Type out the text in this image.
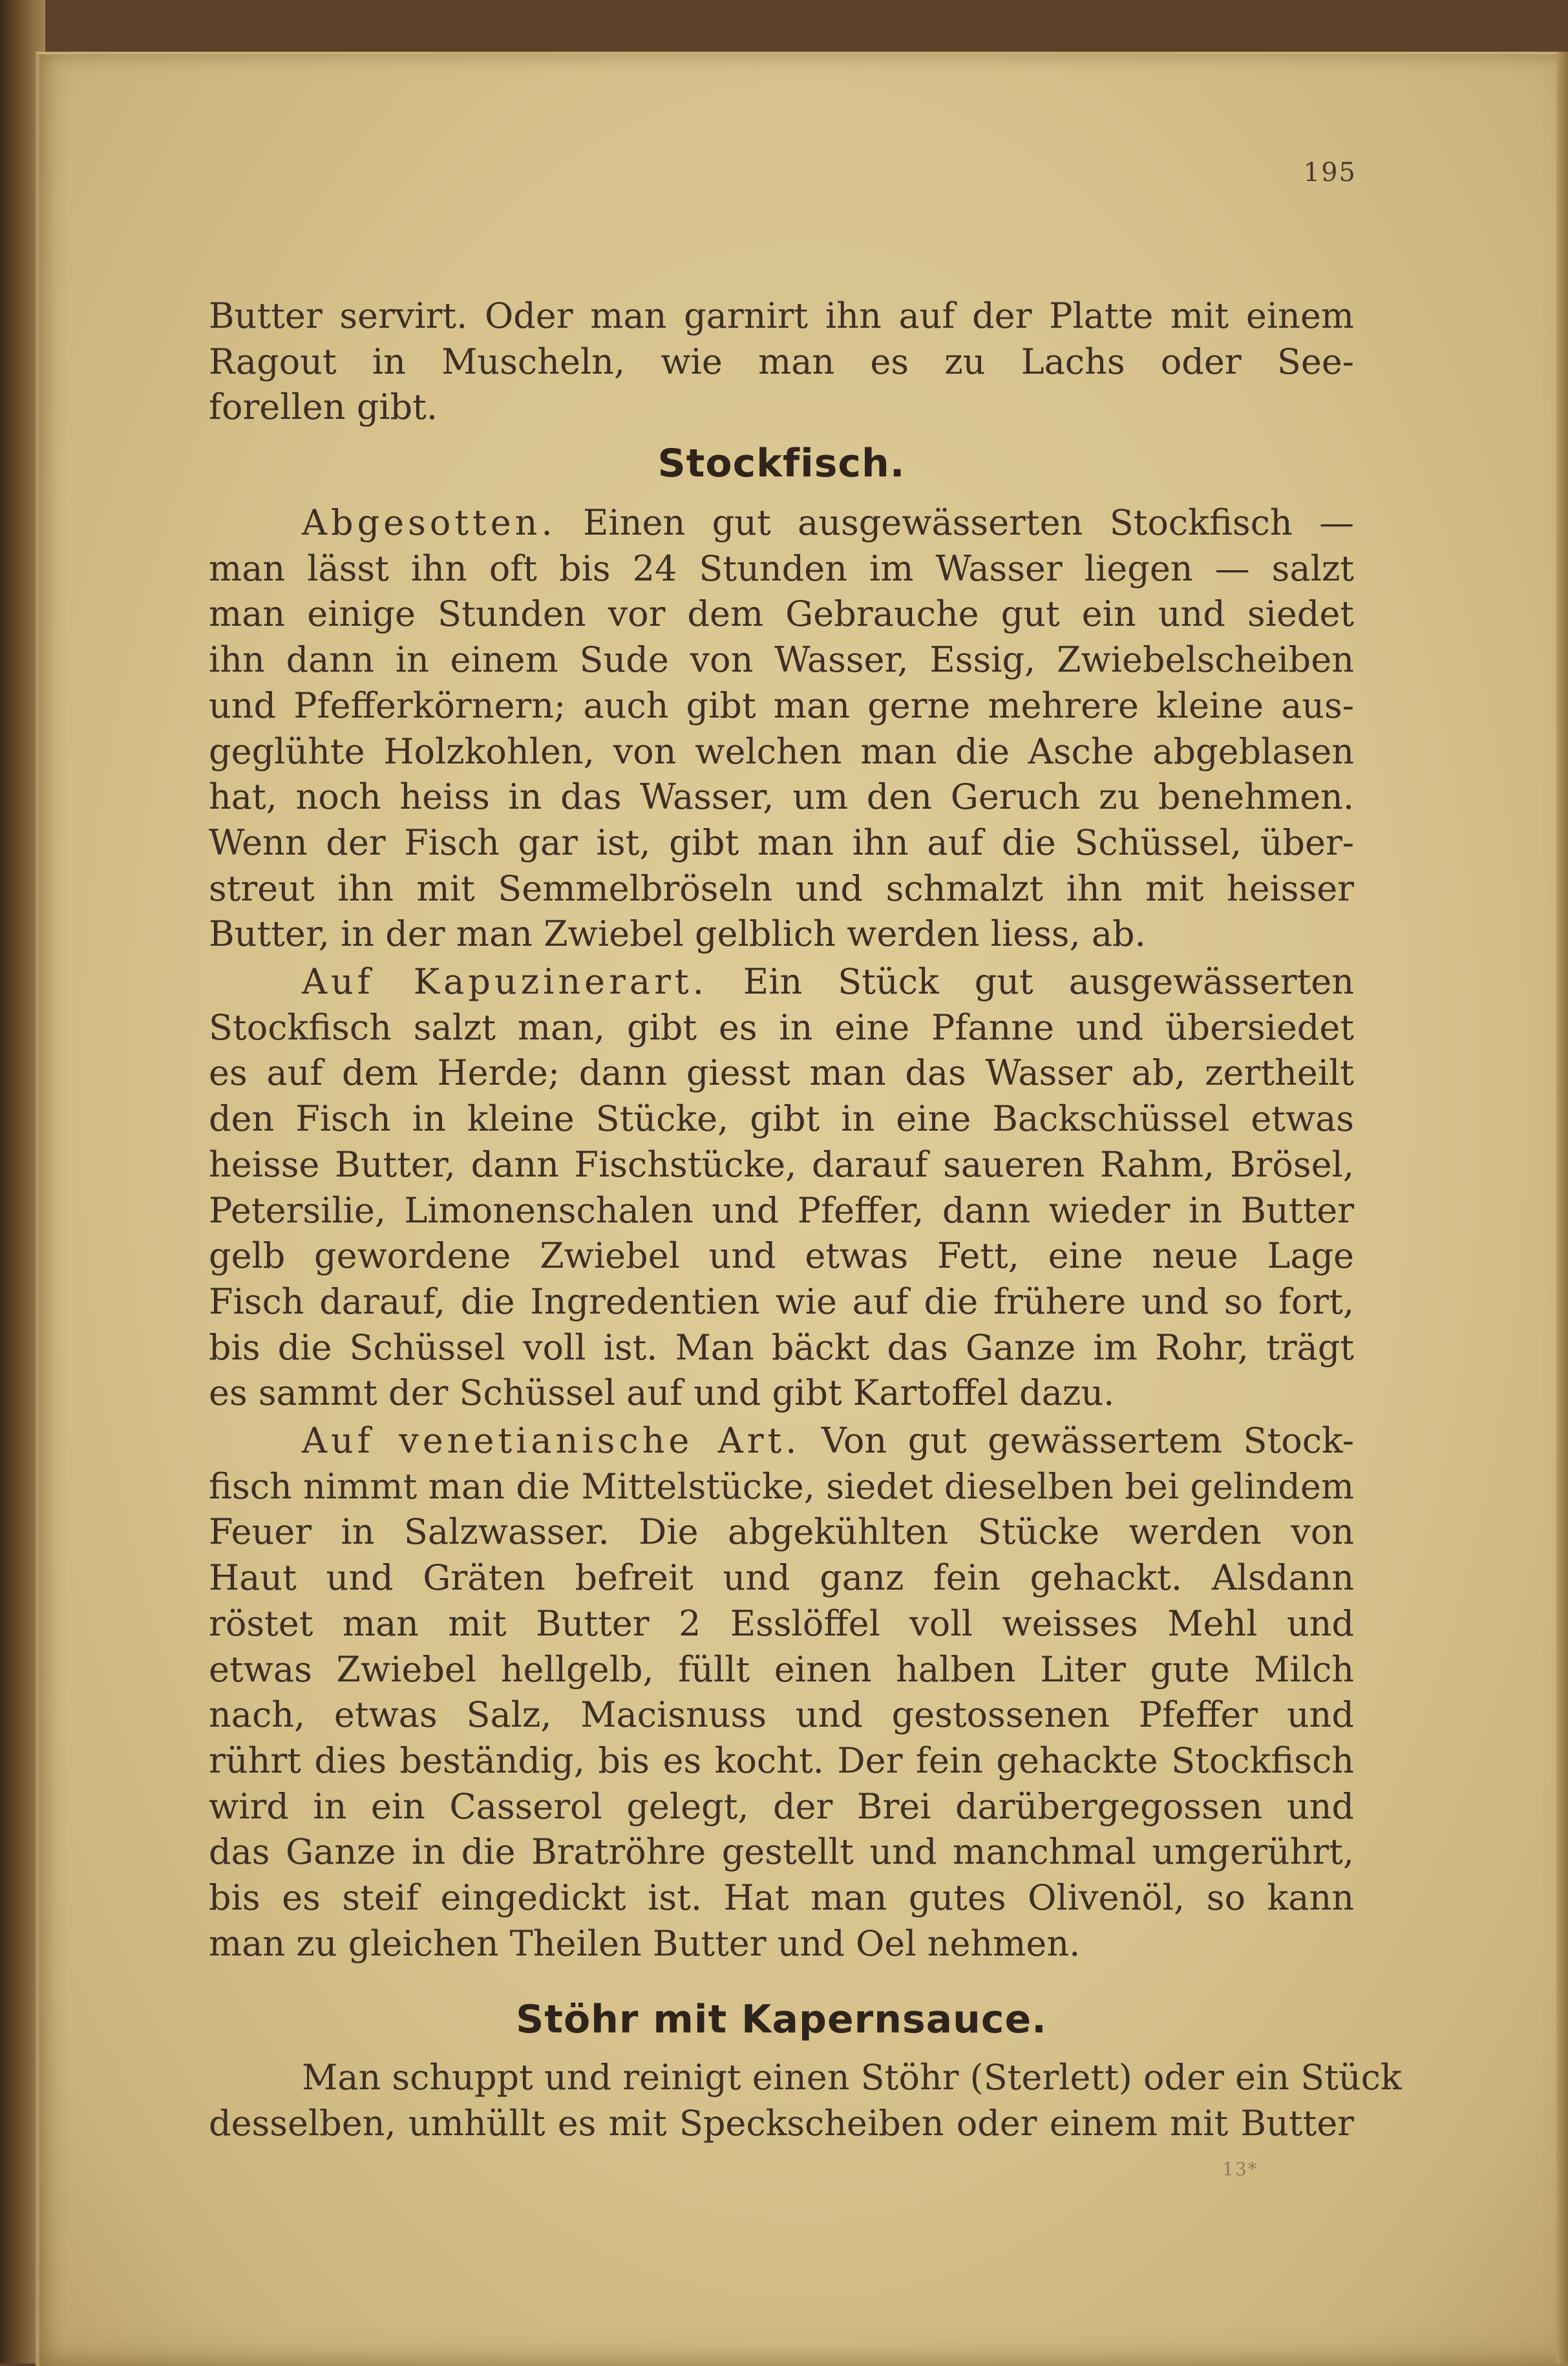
195
Butter servirt. Oder man garnirt ihn auf der Platte mit einem
Ragout in Muscheln, wie man es zu Lachs oder See-
forellen gibt.
Stockfisch.
Abgesotten. Einen gut ausgewässerten Stockfisch —
man lässt ihn oft bis 24 Stunden im Wasser liegen — salzt
man einige Stunden vor dem Gebrauche gut ein und siedet
ihn dann in einem Sude von Wasser, Essig, Zwiebelscheiben
und Pfefferkörnern; auch gibt man gerne mehrere kleine aus-
geglühte Holzkohlen, von welchen man die Asche abgeblasen
hat, noch heiss in das Wasser, um den Geruch zu benehmen.
Wenn der Fisch gar ist, gibt man ihn auf die Schüssel, über-
streut ihn mit Semmelbröseln und schmalzt ihn mit heisser
Butter, in der man Zwiebel gelblich werden liess, ab.
Auf Kapuzinerart. Ein Stück gut ausgewässerten
Stockfisch salzt man, gibt es in eine Pfanne und übersiedet
es auf dem Herde; dann giesst man das Wasser ab, zertheilt
den Fisch in kleine Stücke, gibt in eine Backschüssel etwas
heisse Butter, dann Fischstücke, darauf saueren Rahm, Brösel,
Petersilie, Limonenschalen und Pfeffer, dann wieder in Butter
gelb gewordene Zwiebel und etwas Fett, eine neue Lage
Fisch darauf, die Ingredentien wie auf die frühere und so fort,
bis die Schüssel voll ist. Man bäckt das Ganze im Rohr, trägt
es sammt der Schüssel auf und gibt Kartoffel dazu.
Auf venetianische Art. Von gut gewässertem Stock-
fisch nimmt man die Mittelstücke, siedet dieselben bei gelindem
Feuer in Salzwasser. Die abgekühlten Stücke werden von
Haut und Gräten befreit und ganz fein gehackt. Alsdann
röstet man mit Butter 2 Esslöffel voll weisses Mehl und
etwas Zwiebel hellgelb, füllt einen halben Liter gute Milch
nach, etwas Salz, Macisnuss und gestossenen Pfeffer und
rührt dies beständig, bis es kocht. Der fein gehackte Stockfisch
wird in ein Casserol gelegt, der Brei darübergegossen und
das Ganze in die Bratröhre gestellt und manchmal umgerührt,
bis es steif eingedickt ist. Hat man gutes Olivenöl, so kann
man zu gleichen Theilen Butter und Oel nehmen.
Stöhr mit Kapernsauce.
Man schuppt und reinigt einen Stöhr (Sterlett) oder ein Stück
desselben, umhüllt es mit Speckscheiben oder einem mit Butter
13*
